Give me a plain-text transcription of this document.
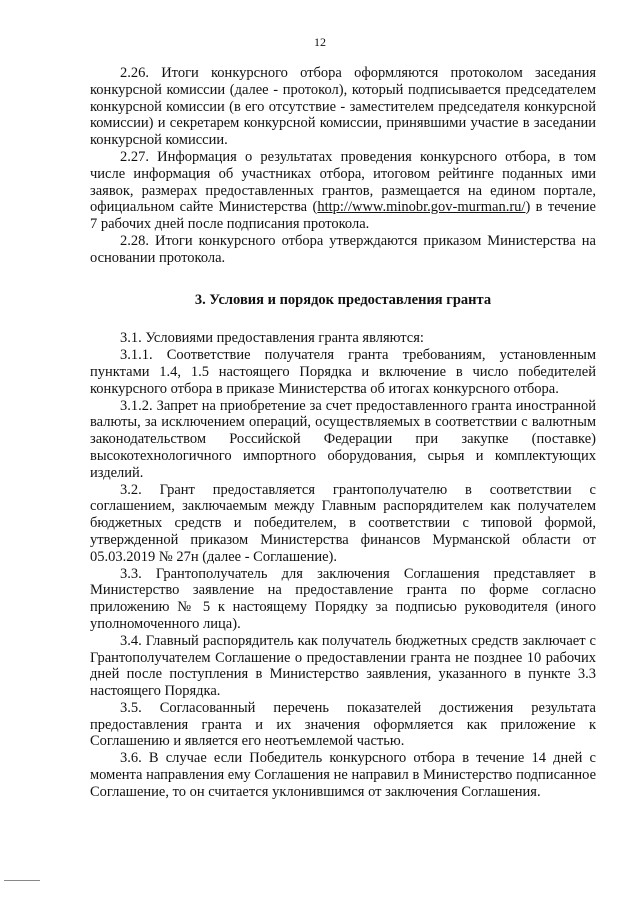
12

2.26. Итоги конкурсного отбора оформляются протоколом заседания конкурсной комиссии (далее - протокол), который подписывается председателем конкурсной комиссии (в его отсутствие - заместителем председателя конкурсной комиссии) и секретарем конкурсной комиссии, принявшими участие в заседании конкурсной комиссии.

2.27. Информация о результатах проведения конкурсного отбора, в том числе информация об участниках отбора, итоговом рейтинге поданных ими заявок, размерах предоставленных грантов, размещается на едином портале, официальном сайте Министерства (http://www.minobr.gov-murman.ru/) в течение 7 рабочих дней после подписания протокола.

2.28. Итоги конкурсного отбора утверждаются приказом Министерства на основании протокола.

3. Условия и порядок предоставления гранта

3.1. Условиями предоставления гранта являются:

3.1.1. Соответствие получателя гранта требованиям, установленным пунктами 1.4, 1.5 настоящего Порядка и включение в число победителей конкурсного отбора в приказе Министерства об итогах конкурсного отбора.

3.1.2. Запрет на приобретение за счет предоставленного гранта иностранной валюты, за исключением операций, осуществляемых в соответствии с валютным законодательством Российской Федерации при закупке (поставке) высокотехнологичного импортного оборудования, сырья и комплектующих изделий.

3.2. Грант предоставляется грантополучателю в соответствии с соглашением, заключаемым между Главным распорядителем как получателем бюджетных средств и победителем, в соответствии с типовой формой, утвержденной приказом Министерства финансов Мурманской области от 05.03.2019 № 27н (далее - Соглашение).

3.3. Грантополучатель для заключения Соглашения представляет в Министерство заявление на предоставление гранта по форме согласно приложению № 5 к настоящему Порядку за подписью руководителя (иного уполномоченного лица).

3.4. Главный распорядитель как получатель бюджетных средств заключает с Грантополучателем Соглашение о предоставлении гранта не позднее 10 рабочих дней после поступления в Министерство заявления, указанного в пункте 3.3 настоящего Порядка.

3.5. Согласованный перечень показателей достижения результата предоставления гранта и их значения оформляется как приложение к Соглашению и является его неотъемлемой частью.

3.6. В случае если Победитель конкурсного отбора в течение 14 дней с момента направления ему Соглашения не направил в Министерство подписанное Соглашение, то он считается уклонившимся от заключения Соглашения.
